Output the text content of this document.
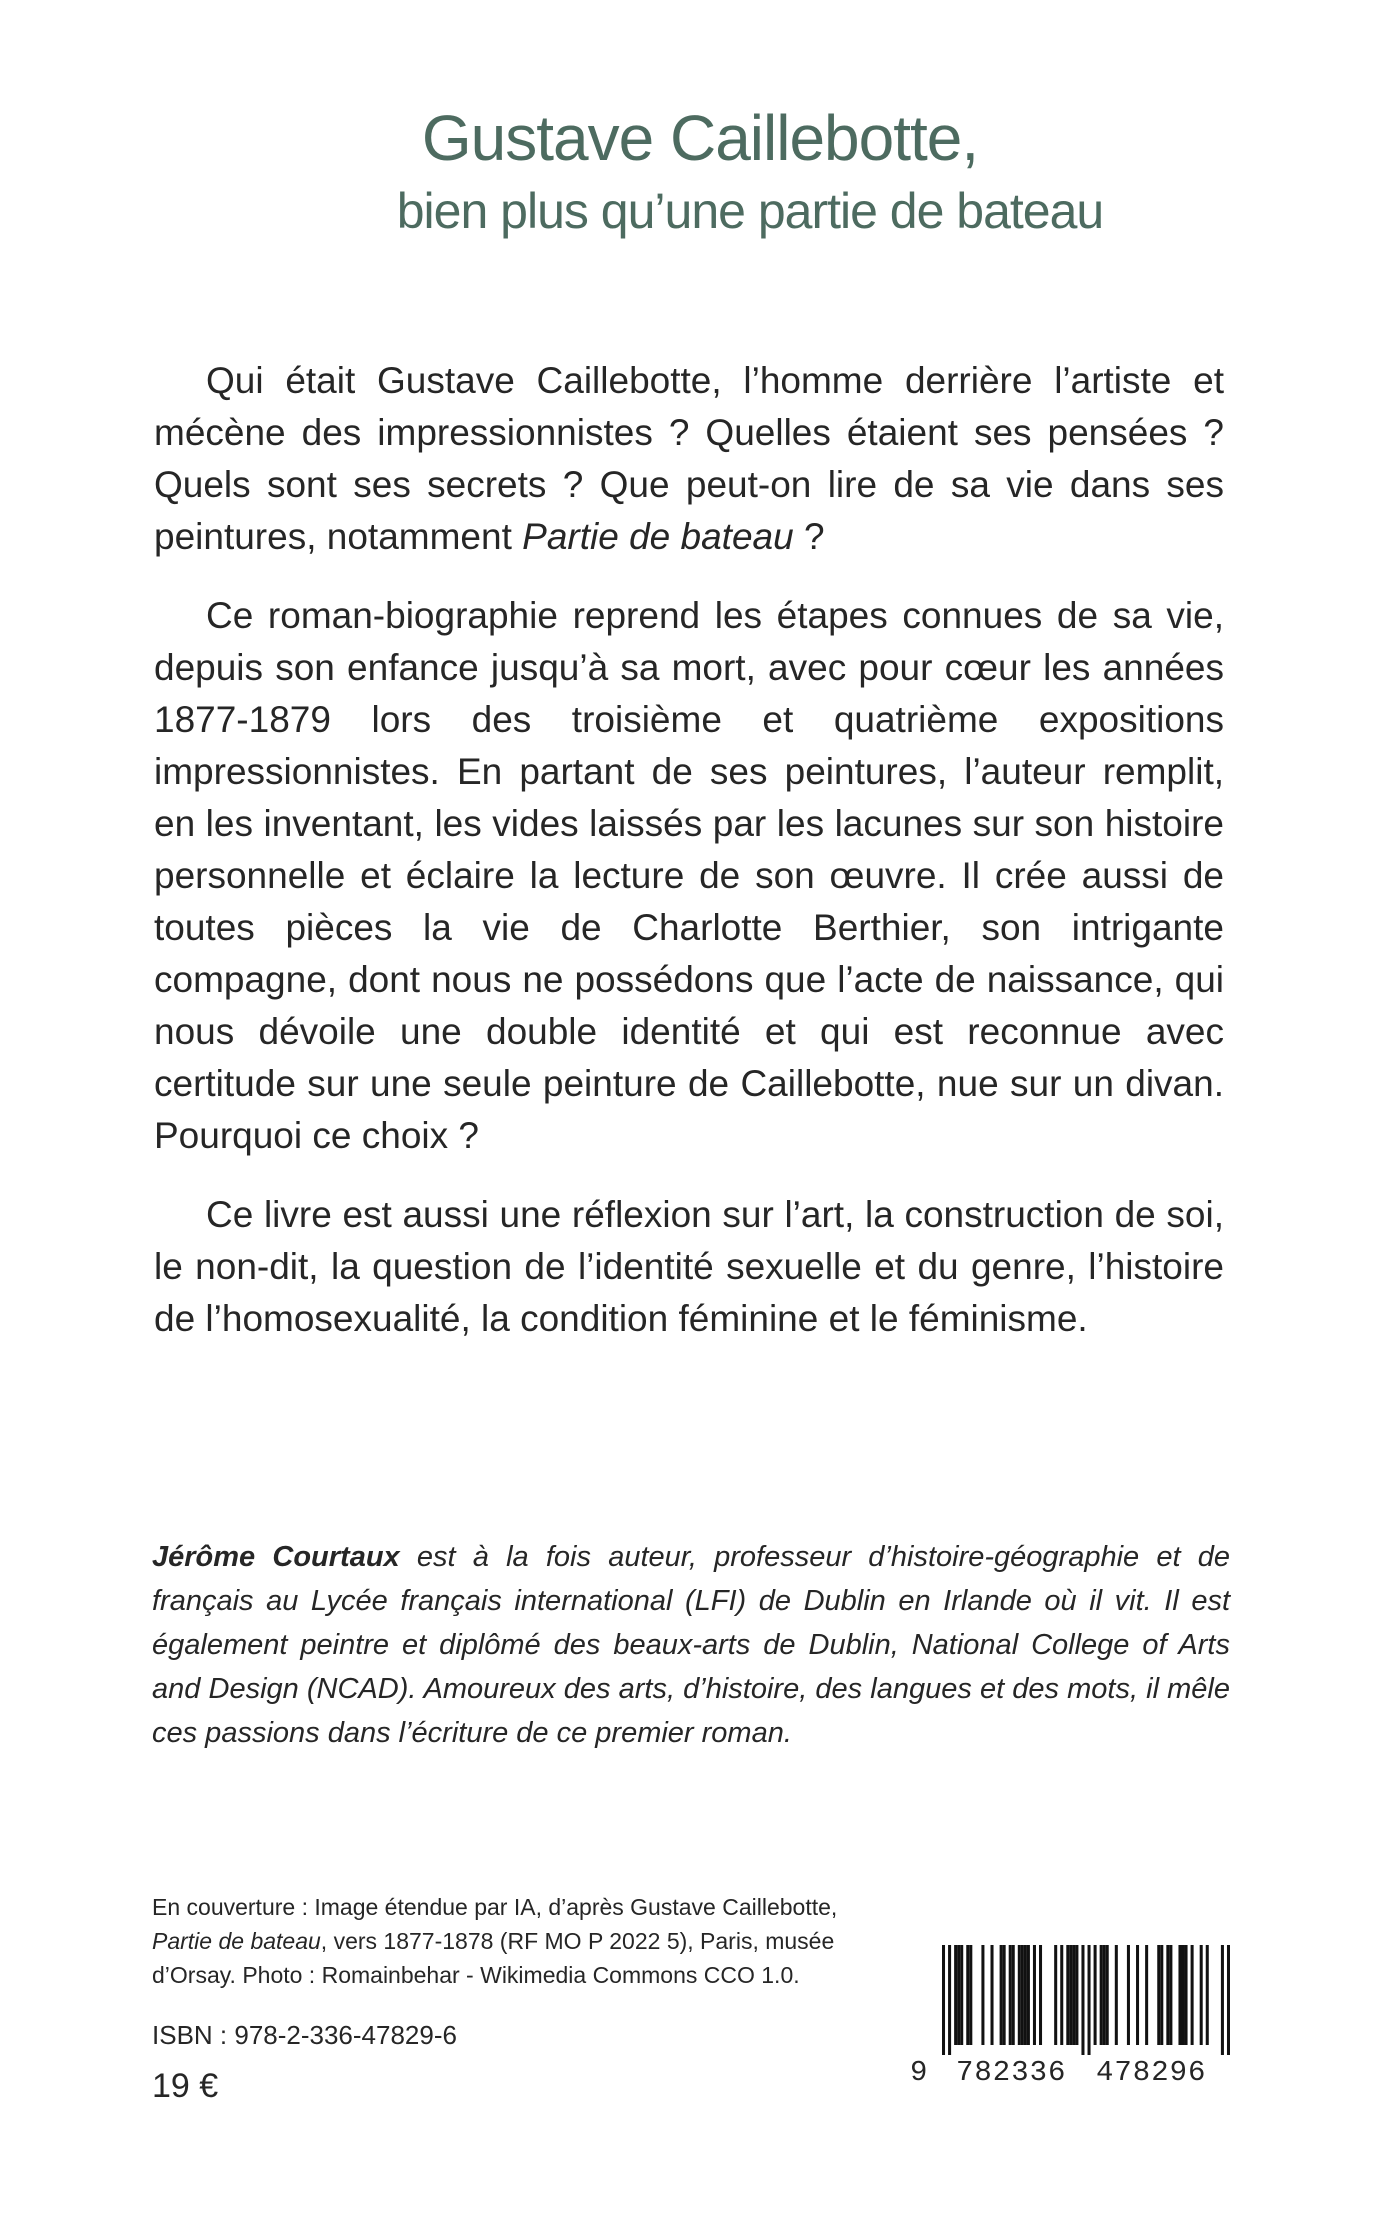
Gustave Caillebotte,
bien plus qu’une partie de bateau

Qui était Gustave Caillebotte, l’homme derrière l’artiste et mécène des impressionnistes ? Quelles étaient ses pensées ? Quels sont ses secrets ? Que peut-on lire de sa vie dans ses peintures, notamment Partie de bateau ?

Ce roman-biographie reprend les étapes connues de sa vie, depuis son enfance jusqu’à sa mort, avec pour cœur les années 1877-1879 lors des troisième et quatrième expositions impressionnistes. En partant de ses peintures, l’auteur remplit, en les inventant, les vides laissés par les lacunes sur son histoire personnelle et éclaire la lecture de son œuvre. Il crée aussi de toutes pièces la vie de Charlotte Berthier, son intrigante compagne, dont nous ne possédons que l’acte de naissance, qui nous dévoile une double identité et qui est reconnue avec certitude sur une seule peinture de Caillebotte, nue sur un divan. Pourquoi ce choix ?

Ce livre est aussi une réflexion sur l’art, la construction de soi, le non-dit, la question de l’identité sexuelle et du genre, l’histoire de l’homosexualité, la condition féminine et le féminisme.

Jérôme Courtaux est à la fois auteur, professeur d’histoire-géographie et de français au Lycée français international (LFI) de Dublin en Irlande où il vit. Il est également peintre et diplômé des beaux-arts de Dublin, National College of Arts and Design (NCAD). Amoureux des arts, d’histoire, des langues et des mots, il mêle ces passions dans l’écriture de ce premier roman.
En couverture : Image étendue par IA, d’après Gustave Caillebotte,
Partie de bateau, vers 1877-1878 (RF MO P 2022 5), Paris, musée
d’Orsay. Photo : Romainbehar - Wikimedia Commons CCO 1.0.
ISBN : 978-2-336-47829-6
19 €	9 782336 478296
